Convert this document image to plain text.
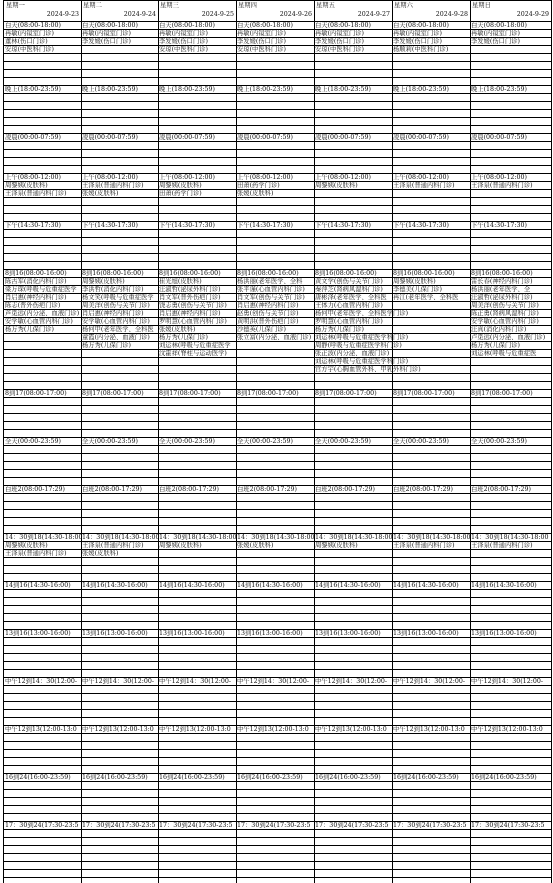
星期一
2024-9-23
白天(08:00-18:00)
冉敏(内镜室门诊)
董林(伤口门诊)
安琼(中医科门诊)
晚上(18:00-23:59)
凌晨(00:00-07:59)
上午(08:00-12:00)
周黎姨(皮肤科)
王泽泉(普通内科门诊)
下午(14:30-17:30)
8到16(08:00-16:00)
陈古军(消化内科门诊)
梁万琛(呼吸与危重症医学
肖启惠(神经内科门诊)
陈志(普外伤疤门诊)
芦觅远(内分泌、血液门诊)
安学敏(心血管内科门诊)
杨万秀(儿保门诊)
8到17(08:00-17:00)
全天(00:00-23:59)
白班2(08:00-17:29)
14：30到18(14:30-18:00
周黎姨(皮肤科)
王泽泉(普通内科门诊)
14到16(14:30-16:00)
13到16(13:00-16:00)
中午12到14：30(12:00-
中午12到13(12:00-13:0
16到24(16:00-23:59)
17：30到24(17:30-23:5
星期二
2024-9-24
白天(08:00-18:00)
冉敏(内镜室门诊)
李发媛(伤口门诊)
晚上(18:00-23:59)
凌晨(00:00-07:59)
上午(08:00-12:00)
王泽泉(普通内科门诊)
张媛(皮肤科)
下午(14:30-17:30)
8到16(08:00-16:00)
周黎姨(皮肤科)
李洪哲(消化内科门诊)
杨文笑(呼吸与危重症医学
周美洋(创伤与关节门诊)
肖启惠(神经内科门诊)
安学敏(心血管内科门诊)
杨何甲(老年医学、全科医
童霞(内分泌、血液门诊)
杨万秀(儿保门诊)
8到17(08:00-17:00)
全天(00:00-23:59)
白班2(08:00-17:29)
14：30到18(14:30-18:00
王泽泉(普通内科门诊)
张媛(皮肤科)
14到16(14:30-16:00)
13到16(13:00-16:00)
中午12到14：30(12:00-
中午12到13(12:00-13:0
16到24(16:00-23:59)
17：30到24(17:30-23:5
星期三
2024-9-25
白天(08:00-18:00)
冉敏(内镜室门诊)
李发媛(伤口门诊)
安琼(中医科门诊)
晚上(18:00-23:59)
凌晨(00:00-07:59)
上午(08:00-12:00)
周黎姨(皮肤科)
田萧(药学门诊)
下午(14:30-17:30)
8到16(08:00-16:00)
崔光旭(皮肤科)
汪淑哲(泌尿外科门诊)
肖文军(普外伤疤门诊)
饶志勇(创伤与关节门诊)
肖启惠(神经内科门诊)
罗明慧(心血管内科门诊)
张媛(皮肤科)
杨万秀(儿保门诊)
刘运林(呼吸与危重症医学
汶霍祥(脊柱与运动医学)
8到17(08:00-17:00)
全天(00:00-23:59)
白班2(08:00-17:29)
14：30到18(14:30-18:00
周黎姨(皮肤科)
14到16(14:30-16:00)
13到16(13:00-16:00)
中午12到14：30(12:00-
中午12到13(12:00-13:0
16到24(16:00-23:59)
17：30到24(17:30-23:5
星期四
2024-9-26
白天(08:00-18:00)
冉敏(内镜室门诊)
李发媛(伤口门诊)
安琼(中医科门诊)
晚上(18:00-23:59)
凌晨(00:00-07:59)
上午(08:00-12:00)
田萧(药学门诊)
张媛(皮肤科)
下午(14:30-17:30)
8到16(08:00-16:00)
杨洪丽(老年医学、全科
张平谨(心血管内科门诊)
肖文军(创伤与关节门诊)
肖启惠(神经内科门诊)
赵勇(创伤与关节门诊)
黄明洪(普外伤疤门诊)
沙德英(儿保门诊)
张立富(内分泌、血液门诊)
8到17(08:00-17:00)
全天(00:00-23:59)
白班2(08:00-17:29)
14：30到18(14:30-18:00
张媛(皮肤科)
14到16(14:30-16:00)
13到16(13:00-16:00)
中午12到14：30(12:00-
中午12到13(12:00-13:0
16到24(16:00-23:59)
17：30到24(17:30-23:5
星期五
2024-9-27
白天(08:00-18:00)
冉敏(内镜室门诊)
李发媛(伤口门诊)
安琼(中医科门诊)
晚上(18:00-23:59)
凌晨(00:00-07:59)
上午(08:00-12:00)
周黎姨(皮肤科)
下午(14:30-17:30)
8到16(08:00-16:00)
黄文学(创伤与关节门诊)
秦萍芝(肾病风湿科门诊)
唐彬泽(老年医学、全科医
王体力(心血管内科门诊)
杨何甲(老年医学、全科医学门诊)
罗明慧(心血管内科门诊)
杨万秀(儿保门诊)
刘运林(呼吸与危重症医学科门诊)
周静(呼吸与危重症医学科门诊)
张正波(内分泌、血液门诊)
刘运林(呼吸与危重症医学科门诊)
官方宇(心胸血管外科、甲乳外科门诊)
8到17(08:00-17:00)
全天(00:00-23:59)
白班2(08:00-17:29)
14：30到18(14:30-18:00
周黎姨(皮肤科)
14到16(14:30-16:00)
13到16(13:00-16:00)
中午12到14：30(12:00-
中午12到13(12:00-13:0
16到24(16:00-23:59)
17：30到24(17:30-23:5
星期六
2024-9-28
白天(08:00-18:00)
冉敏(内镜室门诊)
李发媛(伤口门诊)
杨顺莉(中医科门诊)
晚上(18:00-23:59)
凌晨(00:00-07:59)
上午(08:00-12:00)
王泽泉(普通内科门诊)
下午(14:30-17:30)
8到16(08:00-16:00)
周黎姨(皮肤科)
李德美(儿保门诊)
冉江(老年医学、全科医
8到17(08:00-17:00)
全天(00:00-23:59)
白班2(08:00-17:29)
14：30到18(14:30-18:00
王泽泉(普通内科门诊)
14到16(14:30-16:00)
13到16(13:00-16:00)
中午12到14：30(12:00-
中午12到13(12:00-13:0
16到24(16:00-23:59)
17：30到24(17:30-23:5
星期日
2024-9-29
白天(08:00-18:00)
冉敏(内镜室门诊)
李发媛(伤口门诊)
晚上(18:00-23:59)
凌晨(00:00-07:59)
上午(08:00-12:00)
王泽泉(普通内科门诊)
下午(14:30-17:30)
8到16(08:00-16:00)
雷长春(神经内科门诊)
杨洪丽(老年医学、全
汪淑哲(泌尿外科门诊)
周美洋(创伤与关节门诊)
陈正勇(肾病风湿科门诊)
安学敏(心血管内科门诊)
汪真(消化内科门诊)
卢觅远(内分泌、血液门诊)
杨万秀(儿保门诊)
刘运林(呼吸与危重症医
8到17(08:00-17:00)
全天(00:00-23:59)
白班2(08:00-17:29)
14：30到18(14:30-18:00
王泽泉(普通内科门诊)
14到16(14:30-16:00)
13到16(13:00-16:00)
中午12到14：30(12:00-
中午12到13(12:00-13:0
16到24(16:00-23:59)
17：30到24(17:30-23:5
